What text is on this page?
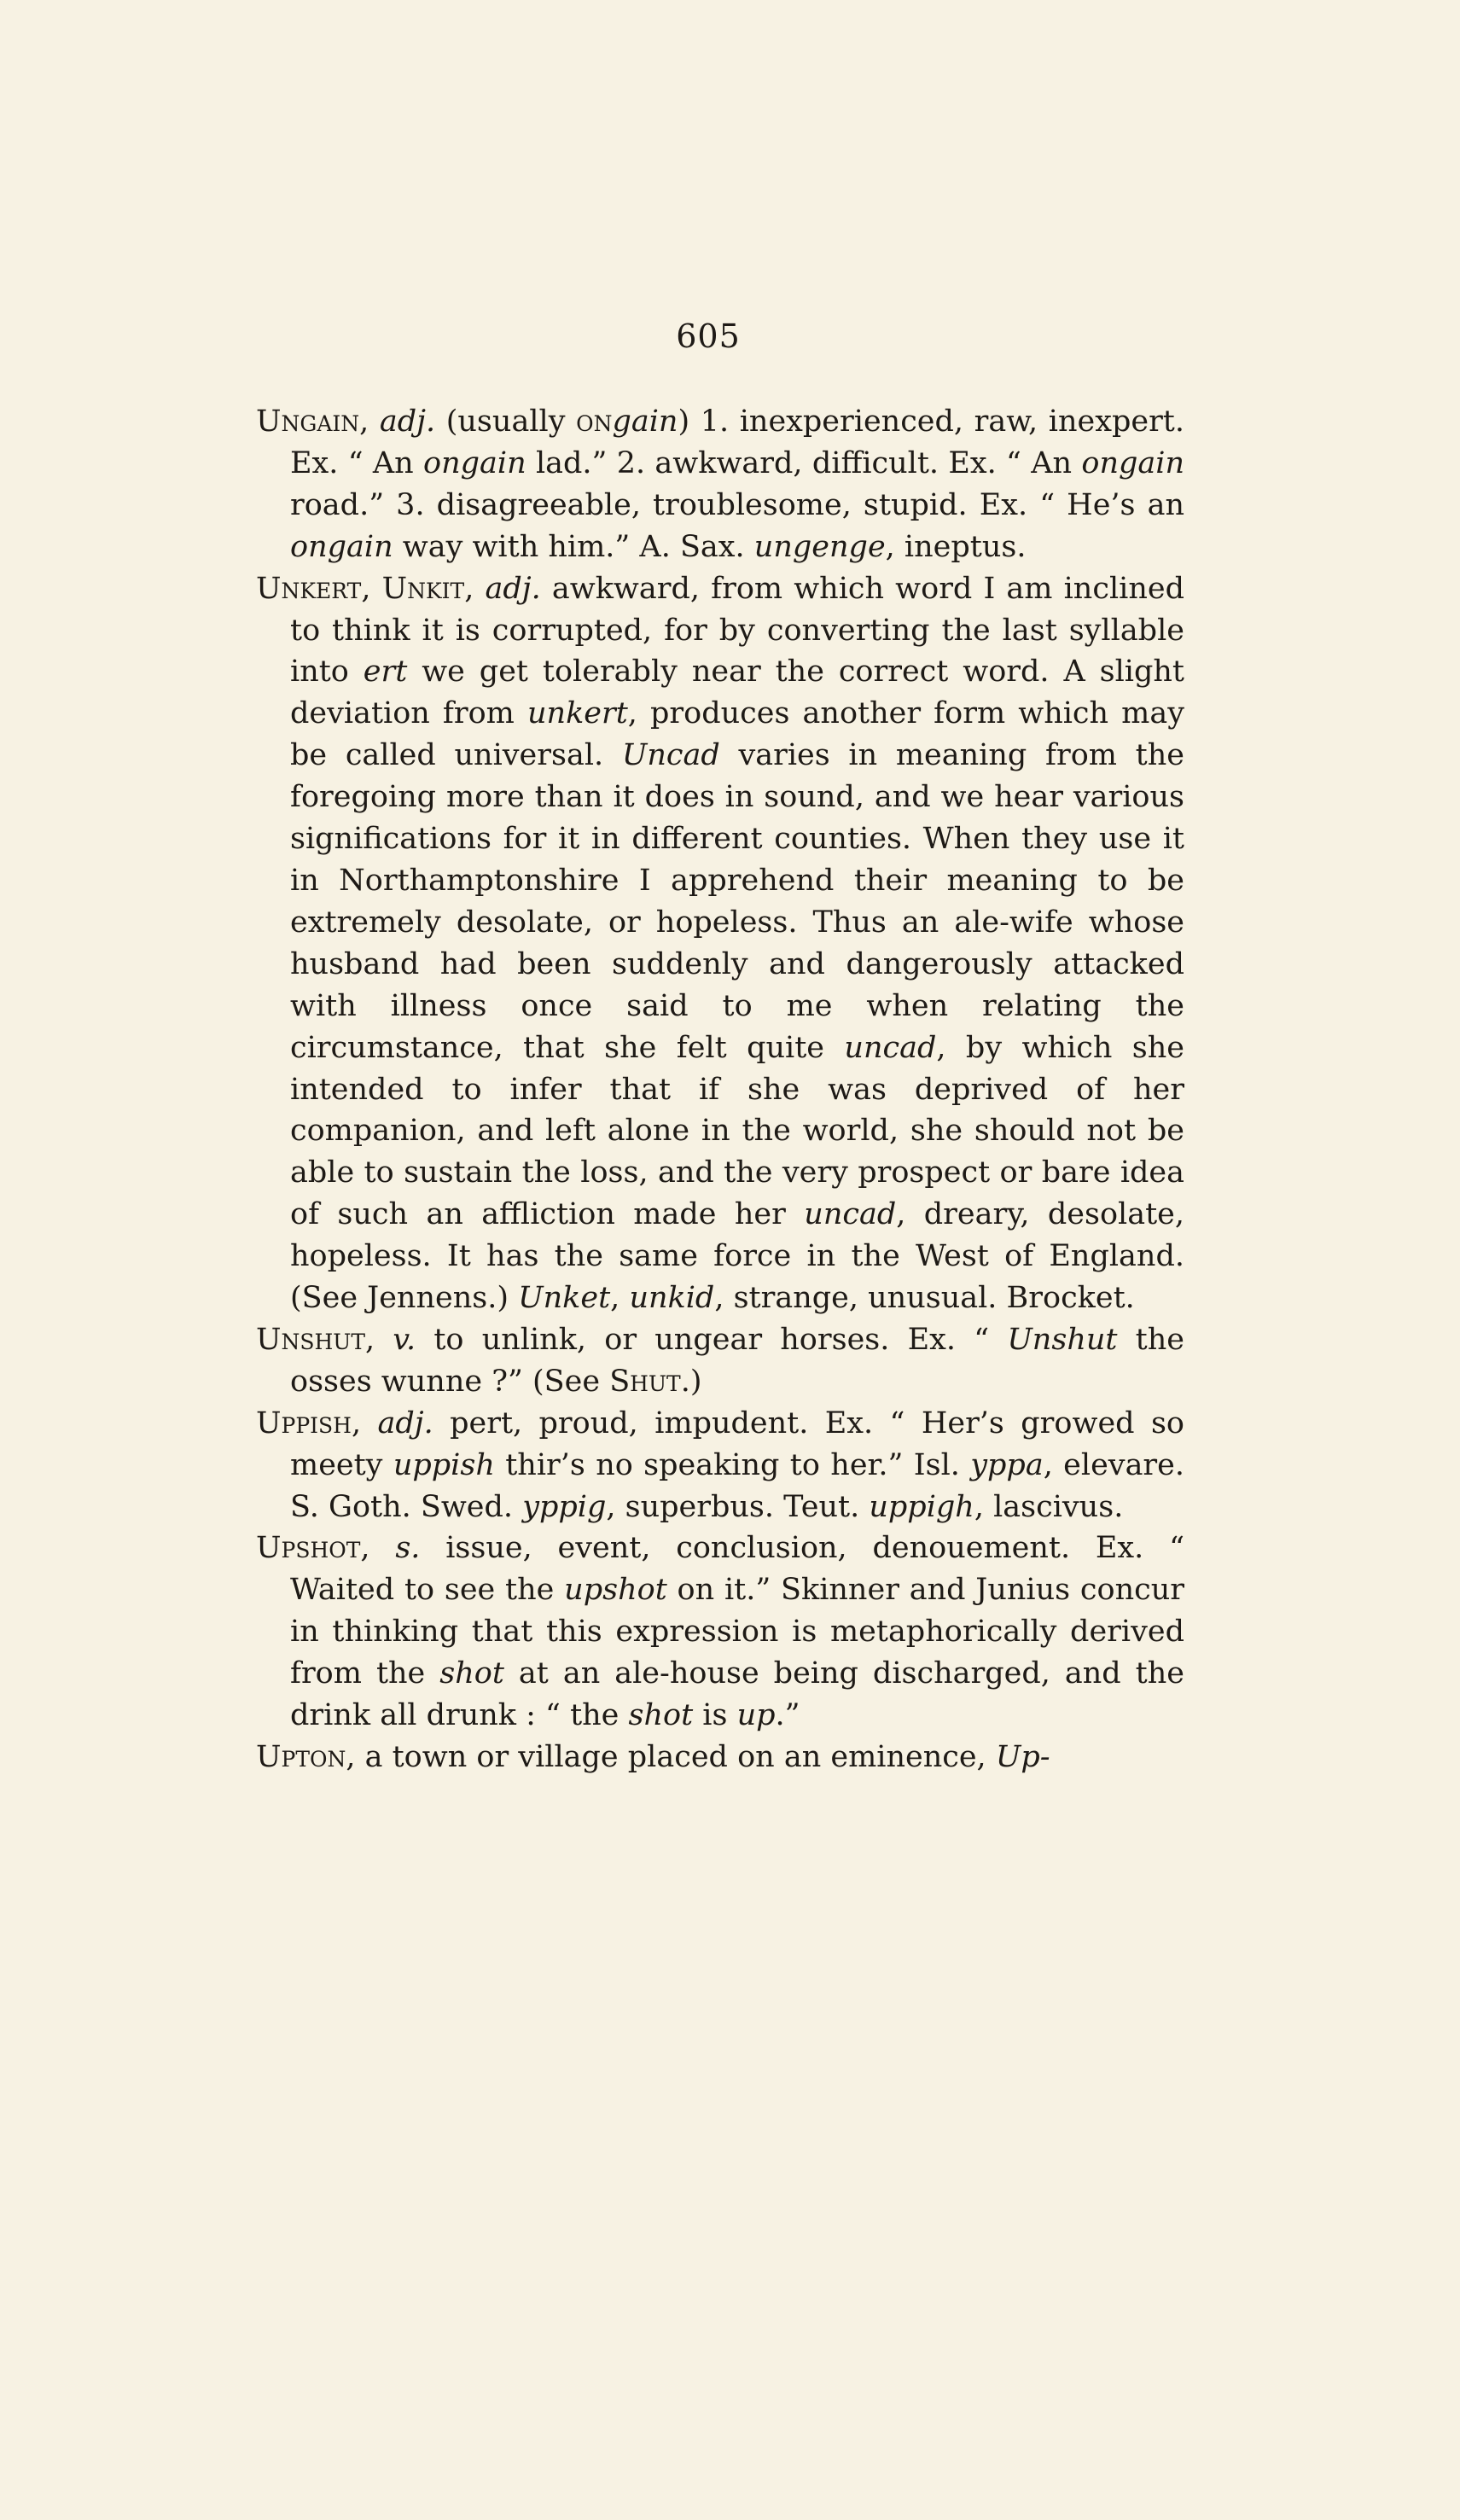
605

Ungain, adj. (usually ongain) 1. inexperienced, raw, inexpert. Ex. “ An ongain lad.” 2. awkward, difficult. Ex. “ An ongain road.” 3. disagreeable, troublesome, stupid. Ex. “ He’s an ongain way with him.” A. Sax. ungenge, ineptus.

Unkert, Unkit, adj. awkward, from which word I am inclined to think it is corrupted, for by converting the last syllable into ert we get tolerably near the correct word. A slight deviation from unkert, produces another form which may be called universal. Uncad varies in meaning from the foregoing more than it does in sound, and we hear various significations for it in different counties. When they use it in Northamptonshire I apprehend their meaning to be extremely desolate, or hopeless. Thus an ale-wife whose husband had been suddenly and dangerously attacked with illness once said to me when relating the circumstance, that she felt quite uncad, by which she intended to infer that if she was deprived of her companion, and left alone in the world, she should not be able to sustain the loss, and the very prospect or bare idea of such an affliction made her uncad, dreary, desolate, hopeless. It has the same force in the West of England. (See Jennens.) Unket, unkid, strange, unusual. Brocket.

Unshut, v. to unlink, or ungear horses. Ex. “ Unshut the osses wunne ?” (See Shut.)

Uppish, adj. pert, proud, impudent. Ex. “ Her’s growed so meety uppish thir’s no speaking to her.” Isl. yppa, elevare. S. Goth. Swed. yppig, superbus. Teut. uppigh, lascivus.

Upshot, s. issue, event, conclusion, denouement. Ex. “ Waited to see the upshot on it.” Skinner and Junius concur in thinking that this expression is metaphorically derived from the shot at an ale-house being discharged, and the drink all drunk : “ the shot is up.”

Upton, a town or village placed on an eminence, Up-
